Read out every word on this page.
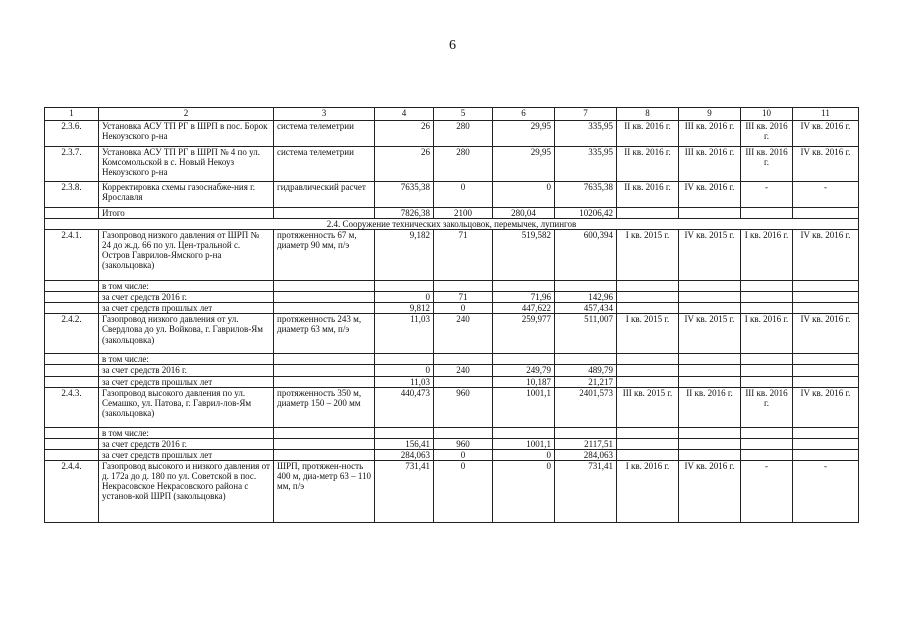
6
1	2	3	4	5	6	7	8	9	10	11
2.3.6.	Установка АСУ ТП РГ в ШРП в пос. Борок Некоузского р-на	система телеметрии	26	280	29,95	335,95	II кв. 2016 г.	III кв. 2016 г.	III кв. 2016 г.	IV кв. 2016 г.
2.3.7.	Установка АСУ ТП РГ в ШРП № 4 по ул. Комсомольской в с. Новый Некоуз Некоузского р-на	система телеметрии	26	280	29,95	335,95	II кв. 2016 г.	III кв. 2016 г.	III кв. 2016 г.	IV кв. 2016 г.
2.3.8.	Корректировка схемы газоснабже-ния г. Ярославля	гидравлический расчет	7635,38	0	0	7635,38	II кв. 2016 г.	IV кв. 2016 г.	-	-
	Итого		7826,38	2100	280,04	10206,42				
2.4. Сооружение технических закольцовок, перемычек, лупингов										
2.4.1.	Газопровод низкого давления от ШРП № 24 до ж.д. 66 по ул. Цен-тральной с. Остров Гаврилов-Ямского р-на (закольцовка)	протяженность 67 м, диаметр 90 мм, п/э	9,182	71	519,582	600,394	I кв. 2015 г.	IV кв. 2015 г.	I кв. 2016 г.	IV кв. 2016 г.
	в том числе:									
	за счет средств 2016 г.		0	71	71,96	142,96				
	за счет средств прошлых лет		9,812	0	447,622	457,434				
2.4.2.	Газопровод низкого давления от ул. Свердлова до ул. Войкова, г. Гаврилов-Ям (закольцовка)	протяженность 243 м, диаметр 63 мм, п/э	11,03	240	259,977	511,007	I кв. 2015 г.	IV кв. 2015 г.	I кв. 2016 г.	IV кв. 2016 г.
	в том числе:									
	за счет средств 2016 г.		0	240	249,79	489,79				
	за счет средств прошлых лет		11,03		10,187	21,217				
2.4.3.	Газопровод высокого давления по ул. Семашко, ул. Патова, г. Гаврил-лов-Ям (закольцовка)	протяженность 350 м, диаметр 150 – 200 мм	440,473	960	1001,1	2401,573	III кв. 2015 г.	II кв. 2016 г.	III кв. 2016 г.	IV кв. 2016 г.
	в том числе:									
	за счет средств 2016 г.		156,41	960	1001,1	2117,51				
	за счет средств прошлых лет		284,063	0	0	284,063				
2.4.4.	Газопровод высокого и низкого давления от д. 172а до д. 180 по ул. Советской в пос. Некрасовское Некрасовского района с установ-кой ШРП (закольцовка)	ШРП, протяжен-ность 400 м, диа-метр 63 – 110 мм, п/э	731,41	0	0	731,41	I кв. 2016 г.	IV кв. 2016 г.	-	-
